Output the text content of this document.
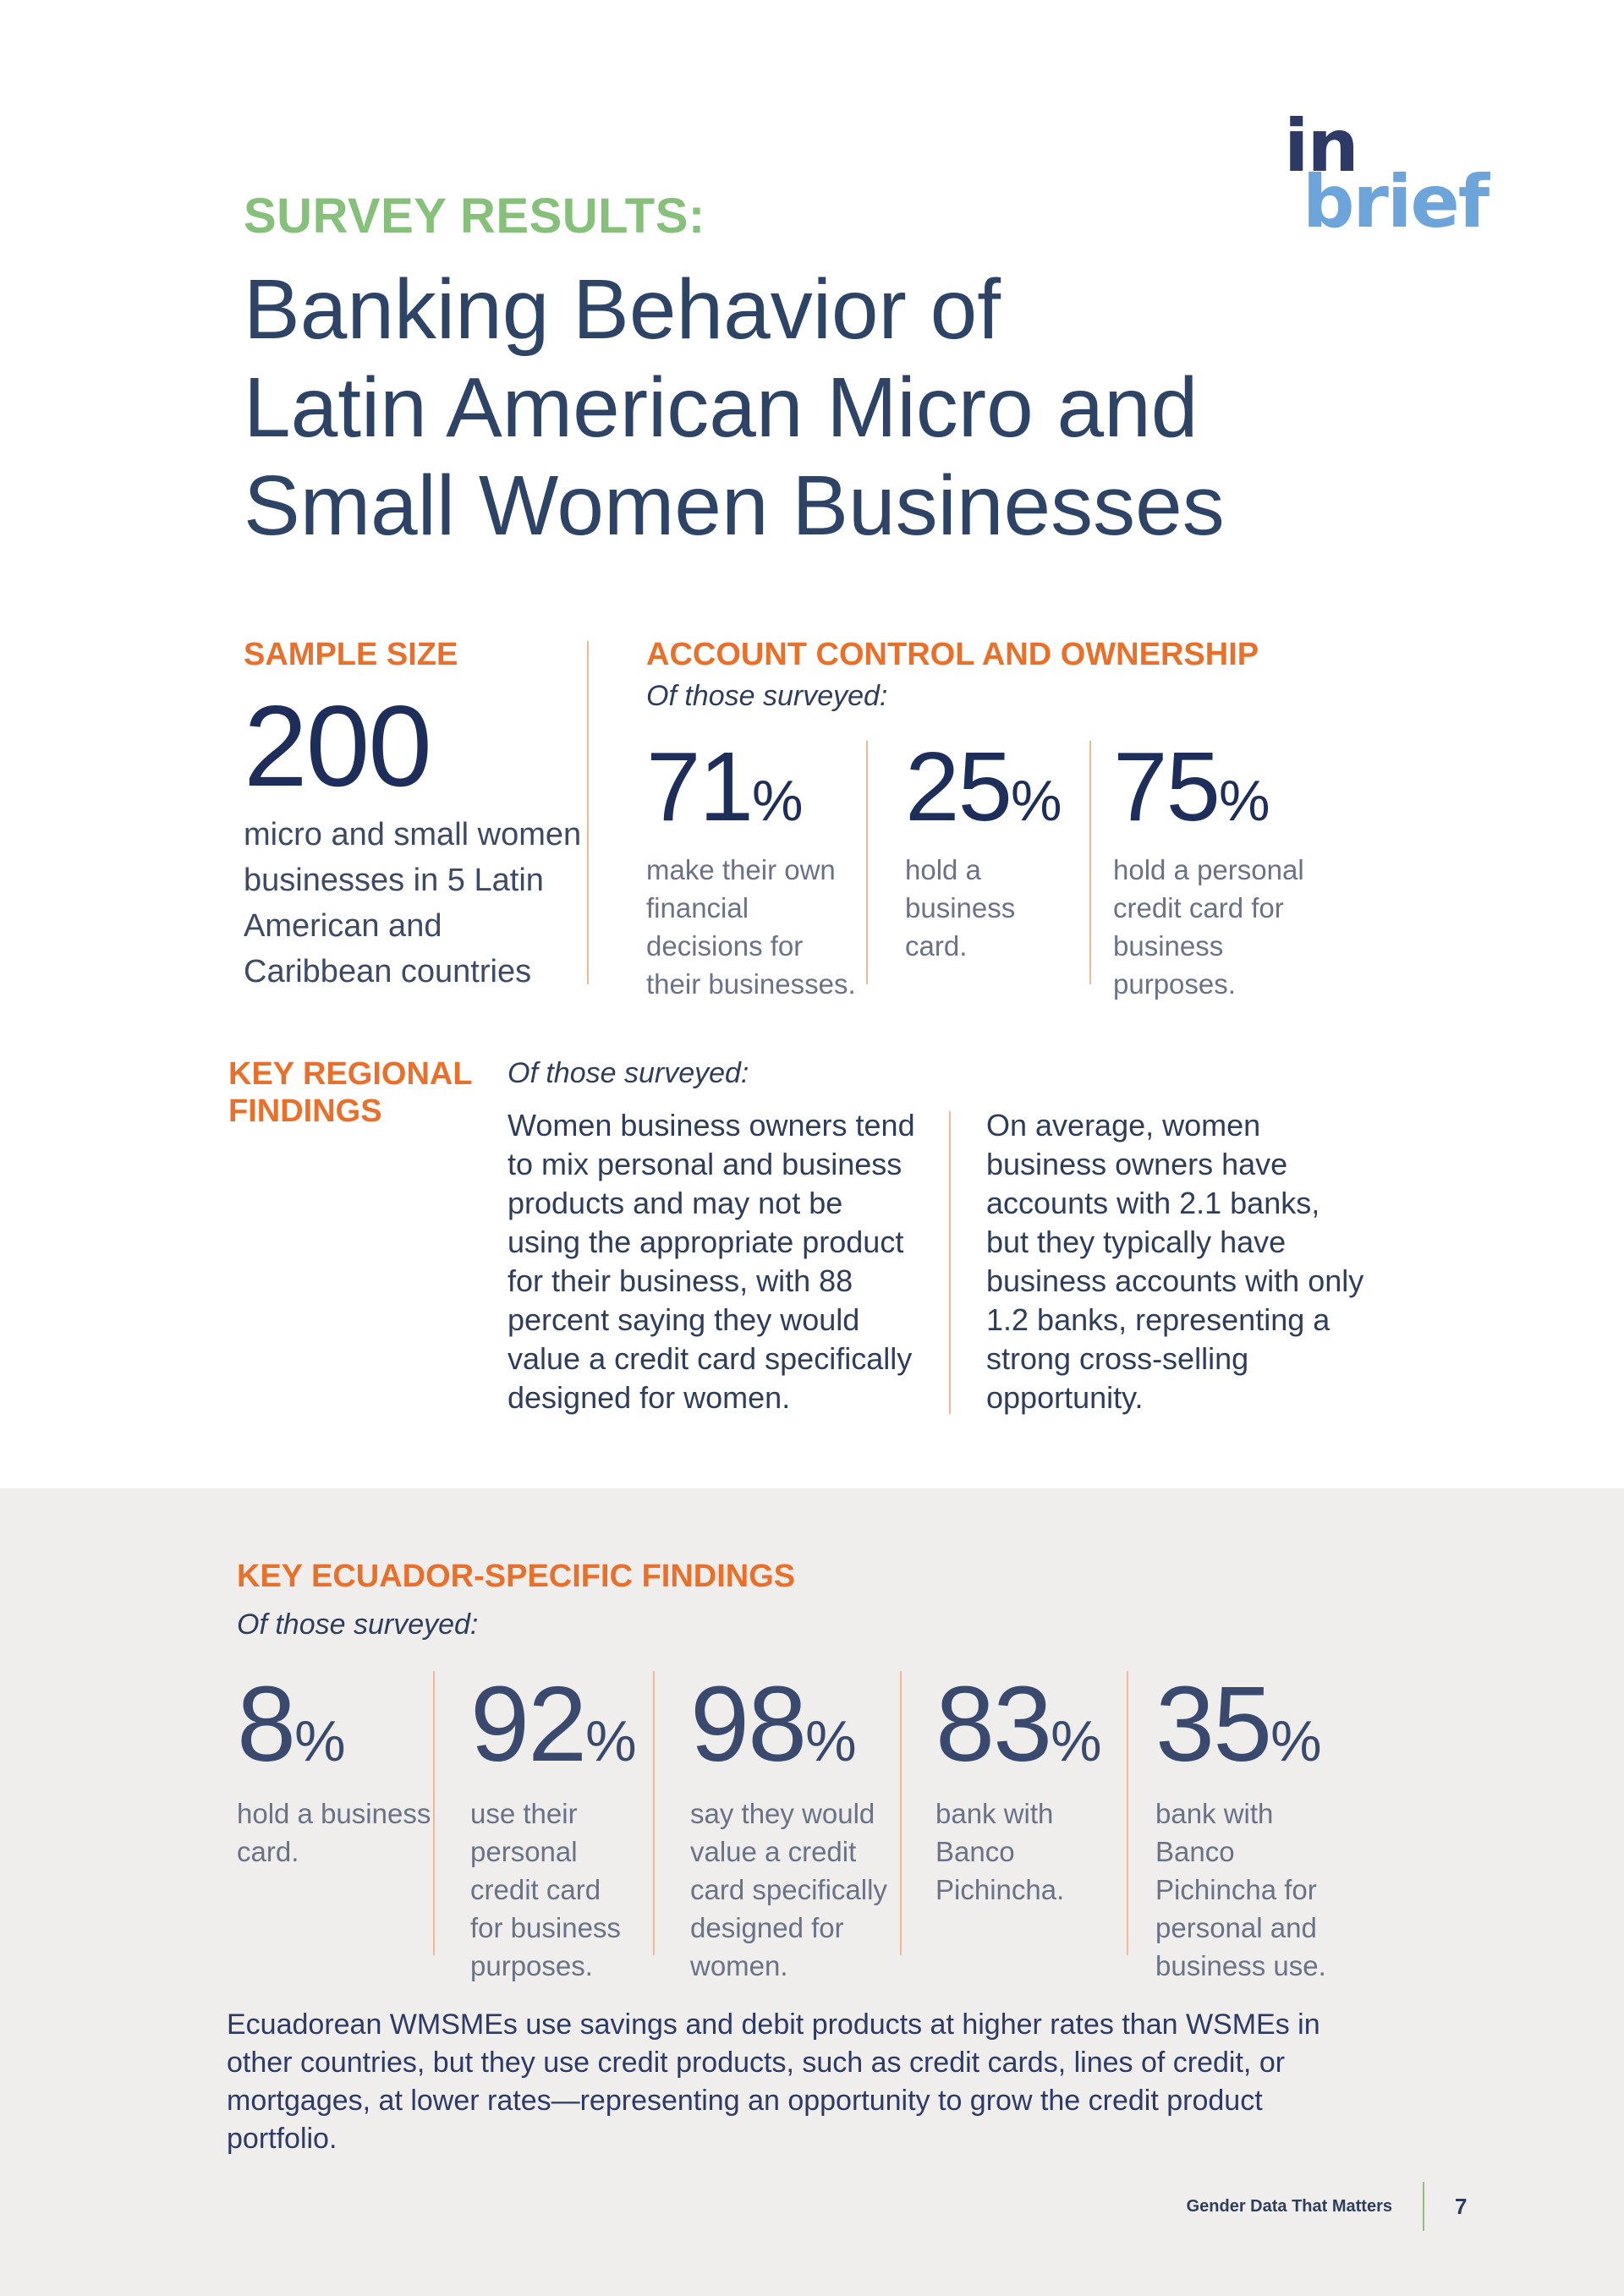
in
brief
SURVEY RESULTS:
Banking Behavior of
Latin American Micro and
Small Women Businesses
SAMPLE SIZE
200
micro and small women businesses in 5 Latin American and Caribbean countries
ACCOUNT CONTROL AND OWNERSHIP
Of those surveyed:
71%
make their own financial decisions for their businesses.
25%
hold a business card.
75%
hold a personal credit card for business purposes.
KEY REGIONAL FINDINGS
Of those surveyed:
Women business owners tend to mix personal and business products and may not be using the appropriate product for their business, with 88 percent saying they would value a credit card specifically designed for women.
On average, women business owners have accounts with 2.1 banks, but they typically have business accounts with only 1.2 banks, representing a strong cross-selling opportunity.
KEY ECUADOR-SPECIFIC FINDINGS
Of those surveyed:
8%
hold a business card.
92%
use their personal credit card for business purposes.
98%
say they would value a credit card specifically designed for women.
83%
bank with Banco Pichincha.
35%
bank with Banco Pichincha for personal and business use.
Ecuadorean WMSMEs use savings and debit products at higher rates than WSMEs in other countries, but they use credit products, such as credit cards, lines of credit, or mortgages, at lower rates—representing an opportunity to grow the credit product portfolio.
Gender Data That Matters	7
